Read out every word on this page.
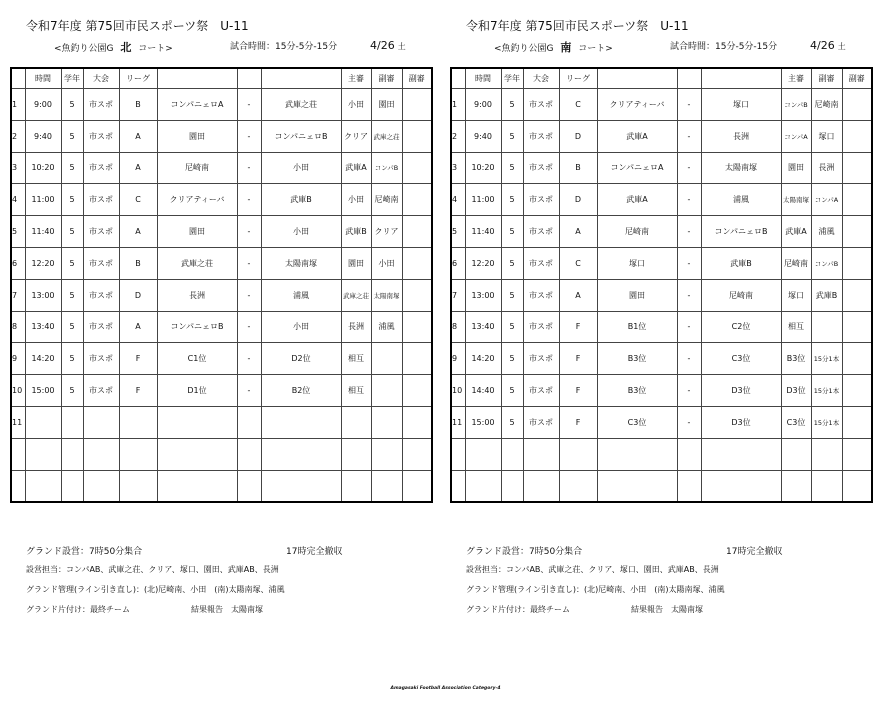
令和7年度 第75回市民スポーツ祭　U-11
<魚釣り公園G 北 コート>	試合時間：15分-5分-15分	4/26 土
	時間	学年	大会	リーグ				主審	副審	副審
1	9:00	5	市スポ	B	コンパニェロA	-	武庫之荘	小田	園田	
2	9:40	5	市スポ	A	園田	-	コンパニェロB	クリア	武庫之荘	
3	10:20	5	市スポ	A	尼崎南	-	小田	武庫A	コンパB	
4	11:00	5	市スポ	C	クリアティーバ	-	武庫B	小田	尼崎南	
5	11:40	5	市スポ	A	園田	-	小田	武庫B	クリア	
6	12:20	5	市スポ	B	武庫之荘	-	太陽南塚	園田	小田	
7	13:00	5	市スポ	D	長洲	-	浦風	武庫之荘	太陽南塚	
8	13:40	5	市スポ	A	コンパニェロB	-	小田	長洲	浦風	
9	14:20	5	市スポ	F	C1位	-	D2位	相互		
10	15:00	5	市スポ	F	D1位	-	B2位	相互		
11										

グランド設営：7時50分集合	17時完全撤収
設営担当：コンパAB、武庫之荘、クリア、塚口、園田、武庫AB、長洲
グランド管理(ライン引き直し)：(北)尼崎南、小田　(南)太陽南塚、浦風
グランド片付け：最終チーム	結果報告　太陽南塚
令和7年度 第75回市民スポーツ祭　U-11
<魚釣り公園G 南 コート>	試合時間：15分-5分-15分	4/26 土
	時間	学年	大会	リーグ				主審	副審	副審
1	9:00	5	市スポ	C	クリアティーバ	-	塚口	コンパB	尼崎南	
2	9:40	5	市スポ	D	武庫A	-	長洲	コンパA	塚口	
3	10:20	5	市スポ	B	コンパニェロA	-	太陽南塚	園田	長洲	
4	11:00	5	市スポ	D	武庫A	-	浦風	太陽南塚	コンパA	
5	11:40	5	市スポ	A	尼崎南	-	コンパニェロB	武庫A	浦風	
6	12:20	5	市スポ	C	塚口	-	武庫B	尼崎南	コンパB	
7	13:00	5	市スポ	A	園田	-	尼崎南	塚口	武庫B	
8	13:40	5	市スポ	F	B1位	-	C2位	相互		
9	14:20	5	市スポ	F	B3位	-	C3位	B3位	15分1本	
10	14:40	5	市スポ	F	B3位	-	D3位	D3位	15分1本	
11	15:00	5	市スポ	F	C3位	-	D3位	C3位	15分1本	

グランド設営：7時50分集合	17時完全撤収
設営担当：コンパAB、武庫之荘、クリア、塚口、園田、武庫AB、長洲
グランド管理(ライン引き直し)：(北)尼崎南、小田　(南)太陽南塚、浦風
グランド片付け：最終チーム	結果報告　太陽南塚
Amagasaki Football Association Category-4
